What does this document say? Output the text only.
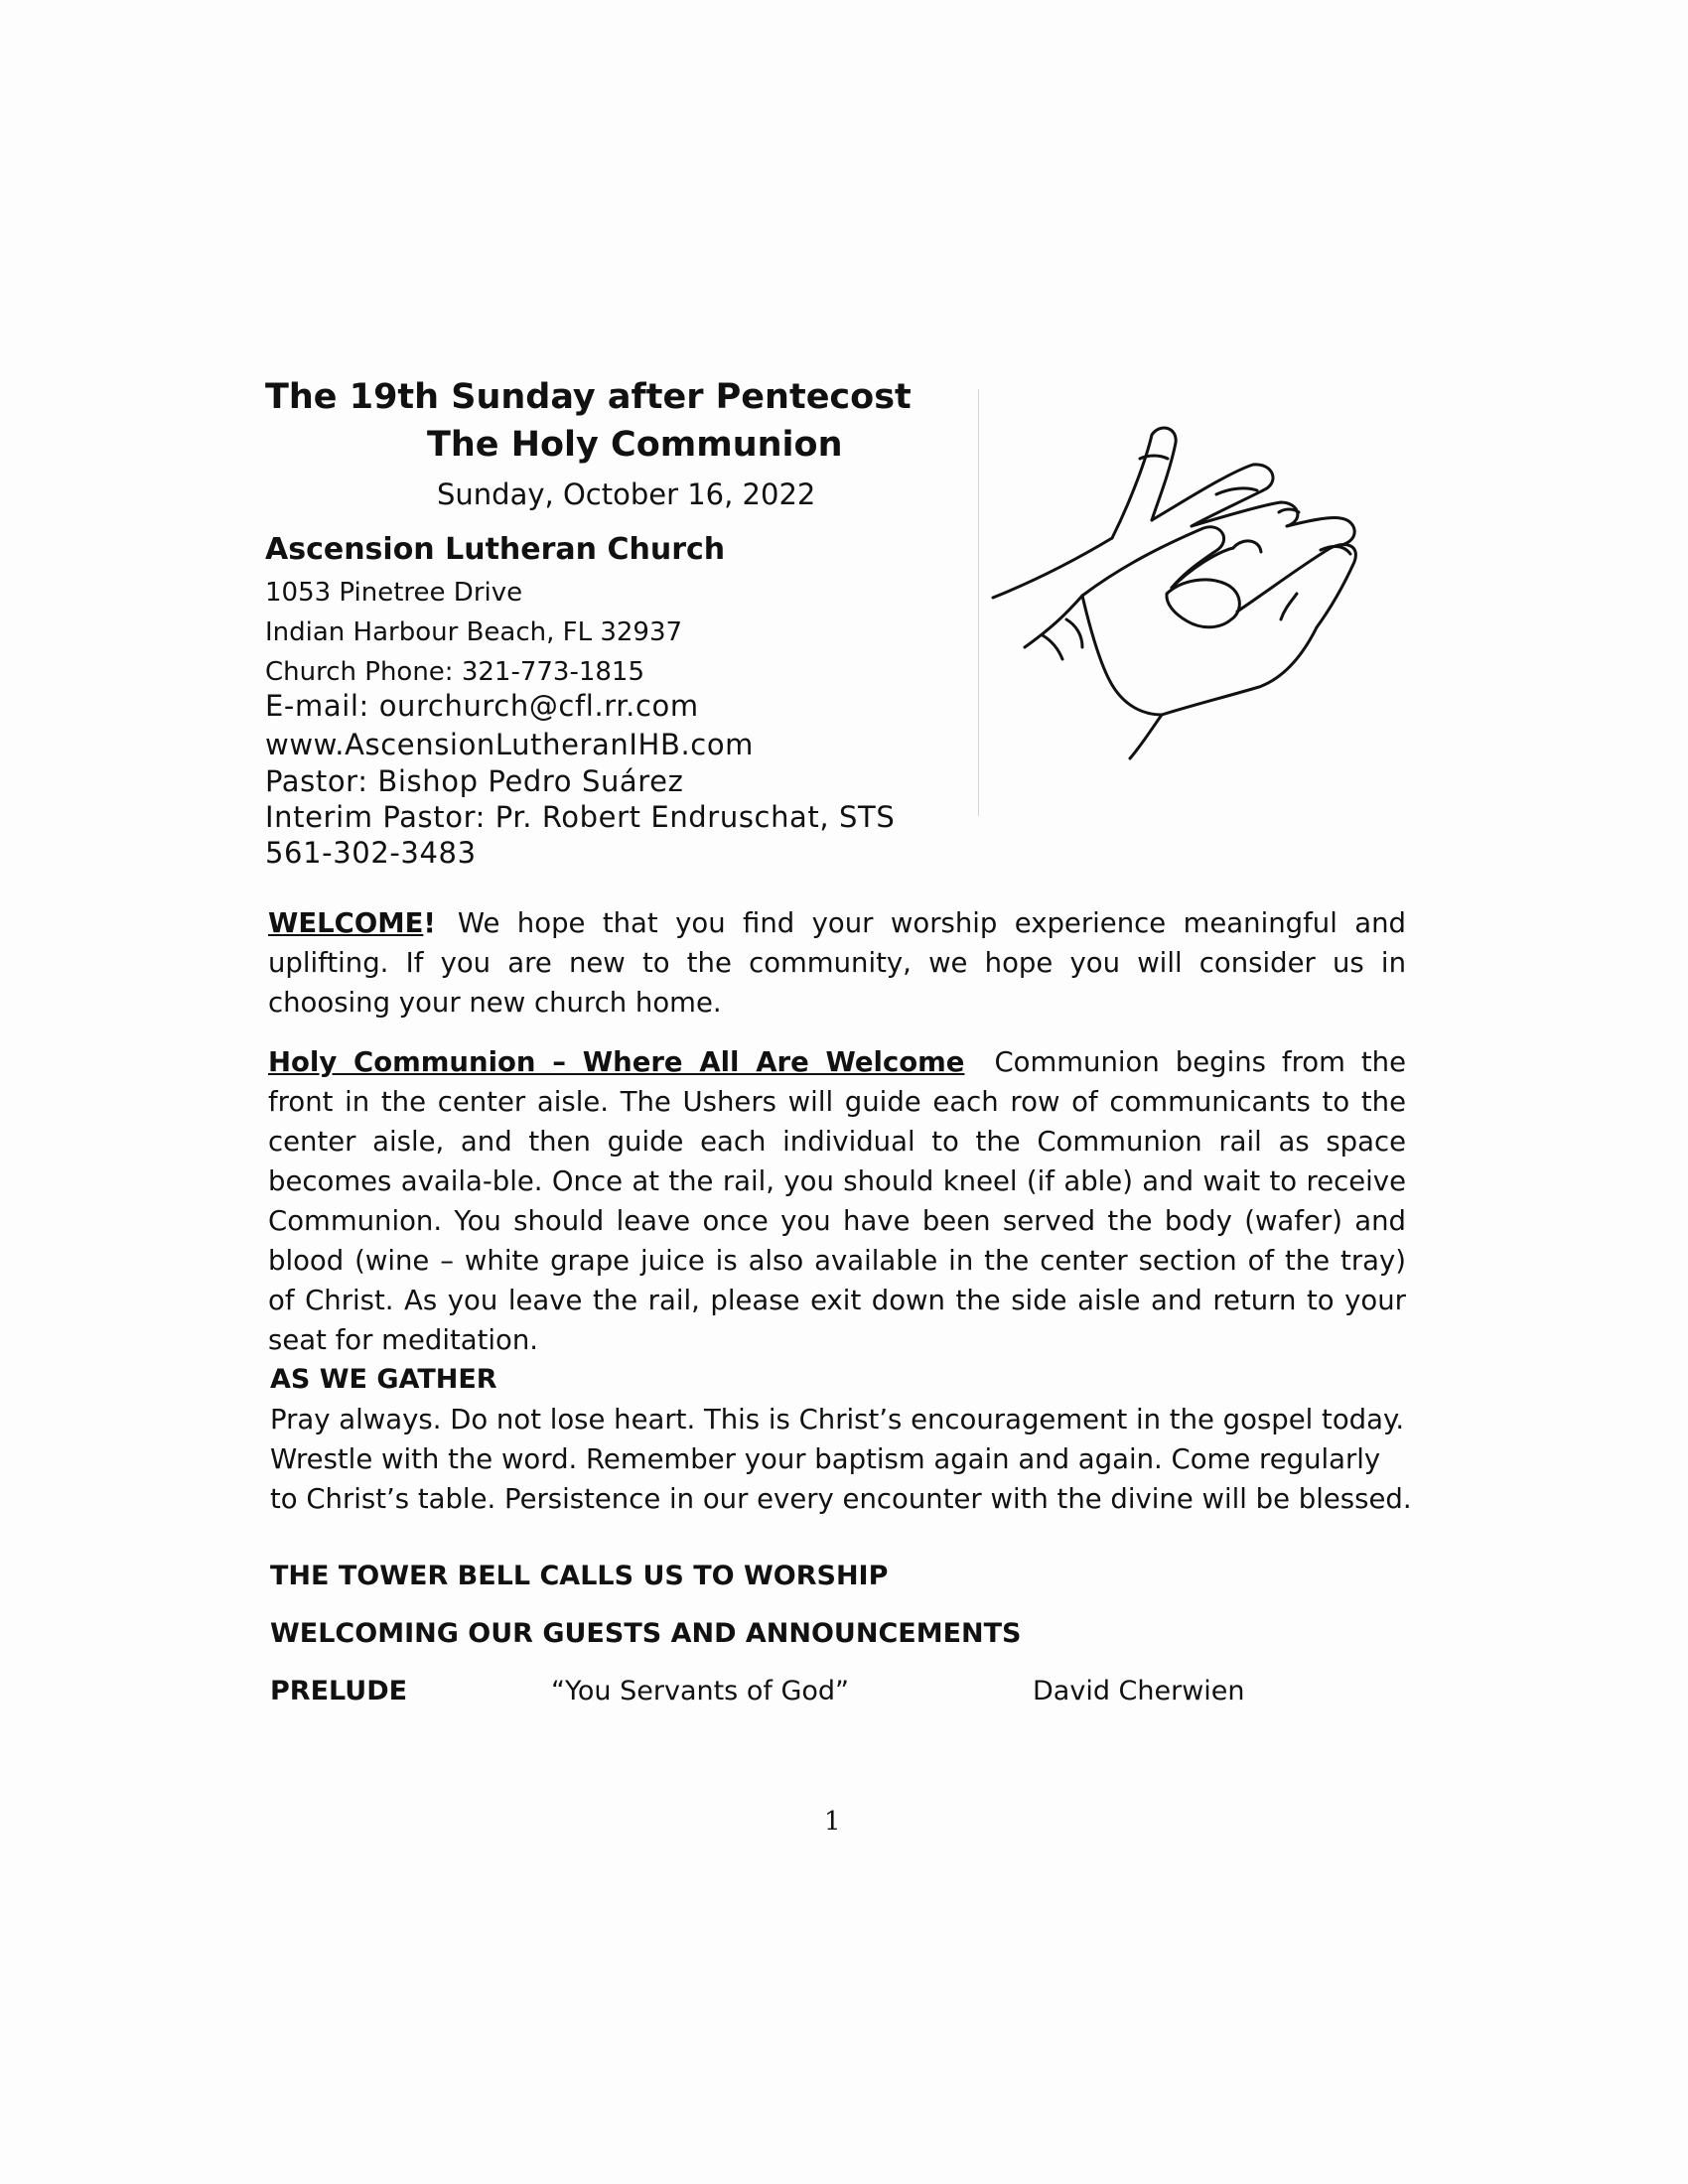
The 19th Sunday after Pentecost
The Holy Communion
Sunday, October 16, 2022
Ascension Lutheran Church
1053 Pinetree Drive
Indian Harbour Beach, FL 32937
Church Phone: 321-773-1815
E-mail: ourchurch@cfl.rr.com
www.AscensionLutheranIHB.com
Pastor: Bishop Pedro Suárez
Interim Pastor: Pr. Robert Endruschat, STS
561-302-3483

WELCOME! We hope that you find your worship experience meaningful and uplifting. If you are new to the community, we hope you will consider us in choosing your new church home.

Holy Communion – Where All Are Welcome Communion begins from the front in the center aisle. The Ushers will guide each row of communicants to the center aisle, and then guide each individual to the Communion rail as space becomes availa-ble. Once at the rail, you should kneel (if able) and wait to receive Communion. You should leave once you have been served the body (wafer) and blood (wine – white grape juice is also available in the center section of the tray) of Christ. As you leave the rail, please exit down the side aisle and return to your seat for meditation.

AS WE GATHER

Pray always. Do not lose heart. This is Christ’s encouragement in the gospel today. Wrestle with the word. Remember your baptism again and again. Come regularly to Christ’s table. Persistence in our every encounter with the divine will be blessed.

THE TOWER BELL CALLS US TO WORSHIP
WELCOMING OUR GUESTS AND ANNOUNCEMENTS
PRELUDE	“You Servants of God”	David Cherwien
1
